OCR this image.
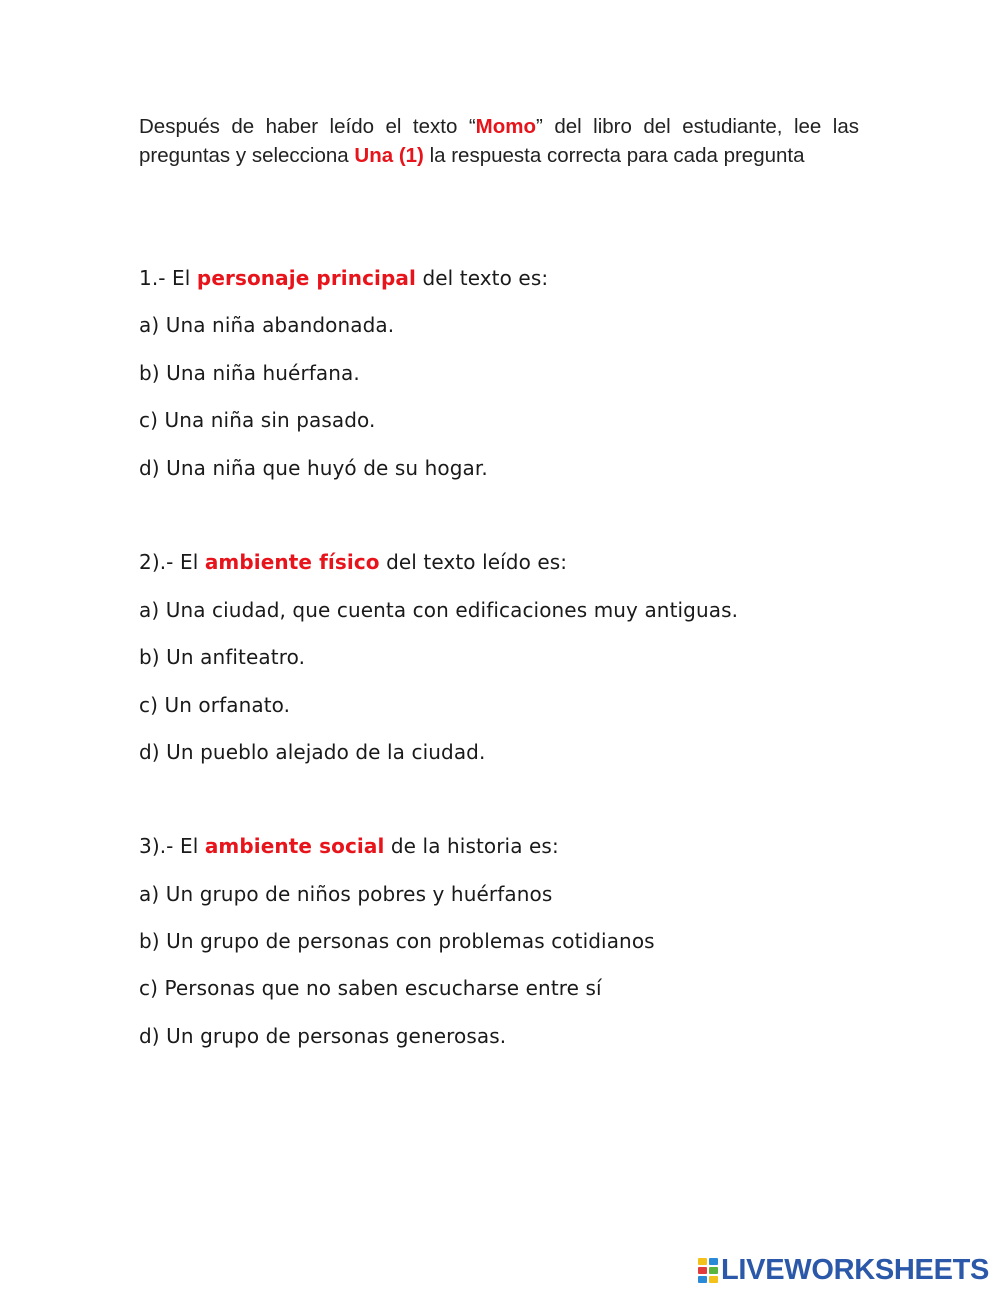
Después de haber leído el texto “Momo” del libro del estudiante, lee las preguntas y selecciona Una (1) la respuesta correcta para cada pregunta
1.- El personaje principal del texto es:
a) Una niña abandonada.
b) Una niña huérfana.
c) Una niña sin pasado.
d) Una niña que huyó de su hogar.
2).- El ambiente físico del texto leído es:
a) Una ciudad, que cuenta con edificaciones muy antiguas.
b) Un anfiteatro.
c) Un orfanato.
d) Un pueblo alejado de la ciudad.
3).- El ambiente social de la historia es:
a) Un grupo de niños pobres y huérfanos
b) Un grupo de personas con problemas cotidianos
c) Personas que no saben escucharse entre sí
d) Un grupo de personas generosas.
LIVEWORKSHEETS
